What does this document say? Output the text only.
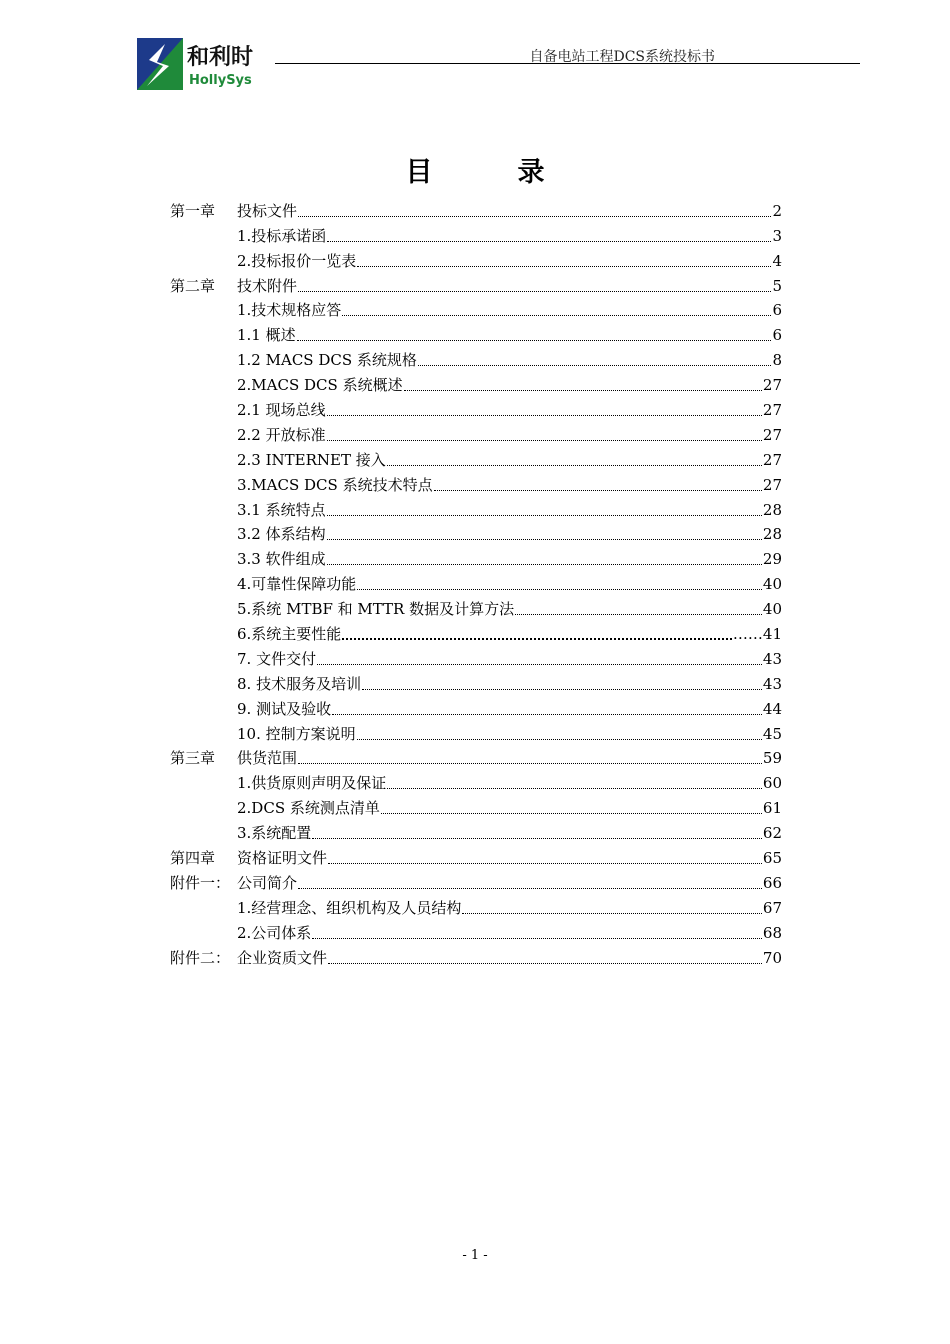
和利时
HollySys
自备电站工程DCS系统投标书
目	录
第一章	投标文件	2
1.投标承诺函	3
2.投标报价一览表	4
第二章	技术附件	5
1.技术规格应答	6
1.1 概述	6
1.2 MACS DCS 系统规格	8
2.MACS DCS 系统概述	27
2.1 现场总线	27
2.2 开放标准	27
2.3 INTERNET 接入	27
3.MACS DCS 系统技术特点	27
3.1 系统特点	28
3.2 体系结构	28
3.3 软件组成	29
4.可靠性保障功能	40
5.系统 MTBF 和 MTTR 数据及计算方法	40
6.系统主要性能	……41
7. 文件交付	43
8. 技术服务及培训	43
9. 测试及验收	44
10. 控制方案说明	45
第三章	供货范围	59
1.供货原则声明及保证	60
2.DCS 系统测点清单	61
3.系统配置	62
第四章	资格证明文件	65
附件一： 公司简介	66
1.经营理念、组织机构及人员结构	67
2.公司体系	68
附件二： 企业资质文件	70
- 1 -
